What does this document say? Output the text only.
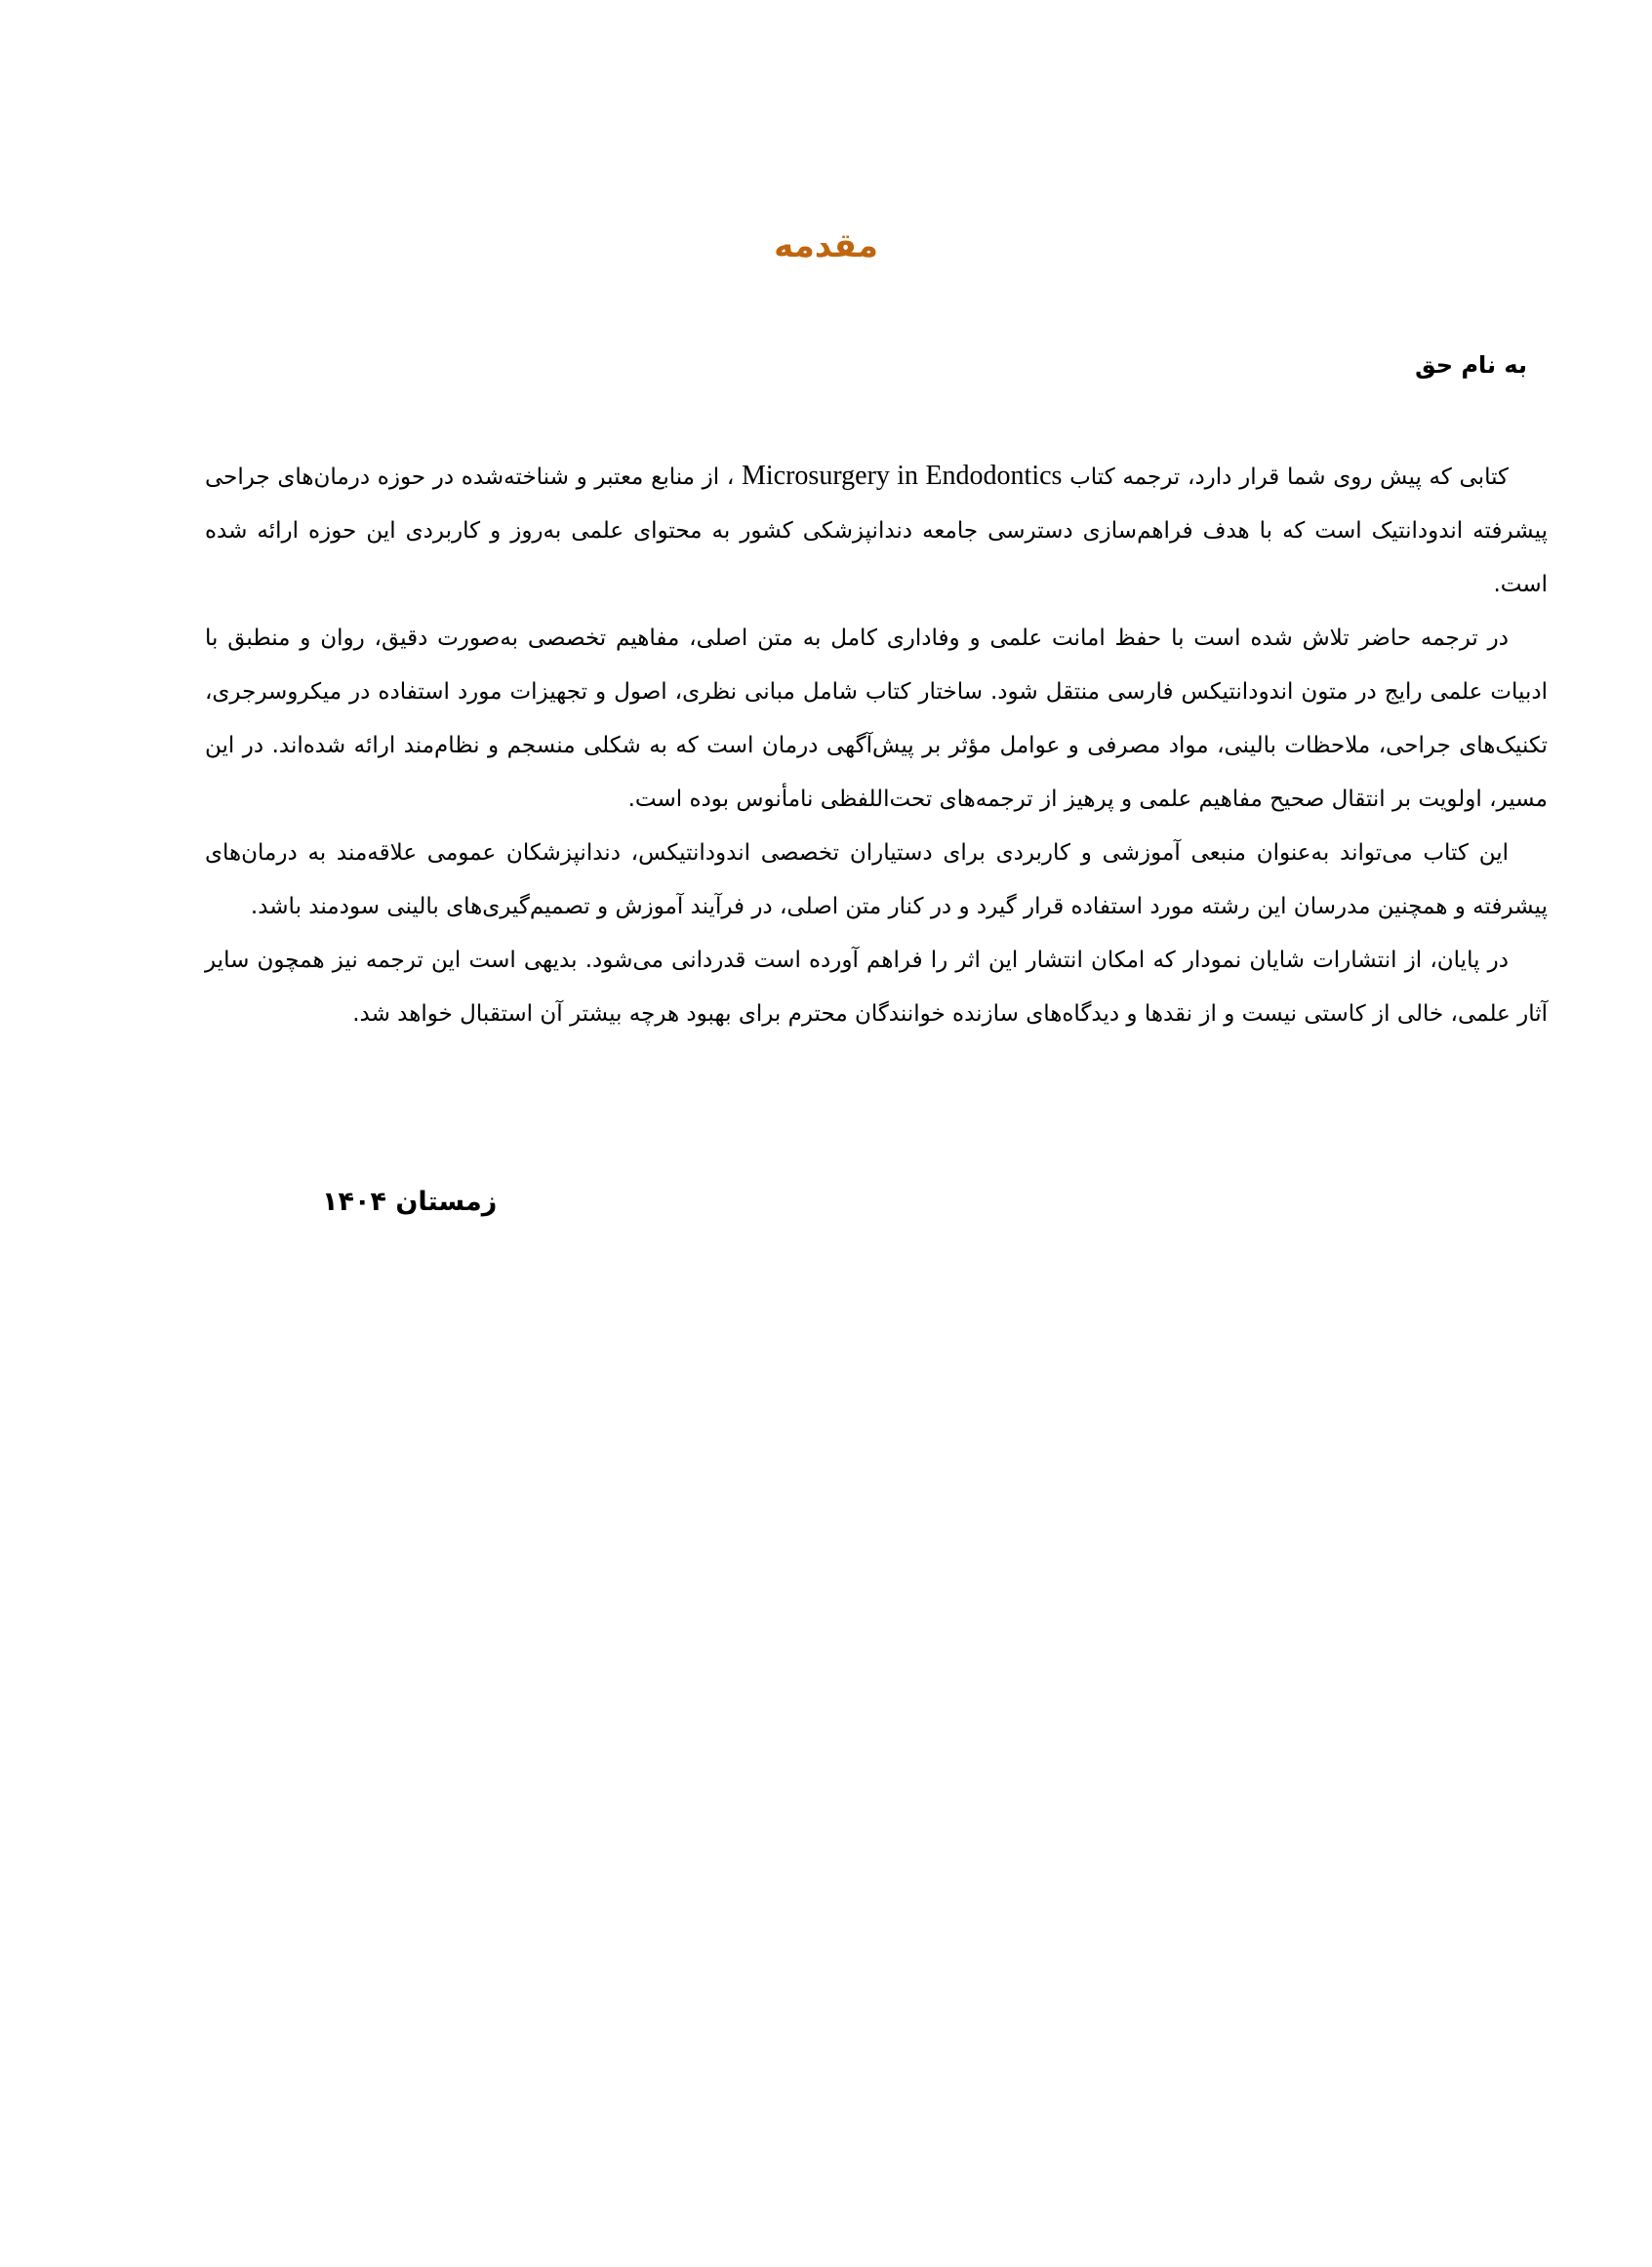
مقدمه
به نام حق

کتابی که پیش روی شما قرار دارد، ترجمه کتاب Microsurgery in Endodontics ، از منابع معتبر و شناخته‌شده در حوزه درمان‌های جراحی پیشرفته اندودانتیک است که با هدف فراهم‌سازی دسترسی جامعه دندانپزشکی کشور به محتوای علمی به‌روز و کاربردی این حوزه ارائه شده است.

در ترجمه حاضر تلاش شده است با حفظ امانت علمی و وفاداری کامل به متن اصلی، مفاهیم تخصصی به‌صورت دقیق، روان و منطبق با ادبیات علمی رایج در متون اندودانتیکس فارسی منتقل شود. ساختار کتاب شامل مبانی نظری، اصول و تجهیزات مورد استفاده در میکروسرجری، تکنیک‌های جراحی، ملاحظات بالینی، مواد مصرفی و عوامل مؤثر بر پیش‌آگهی درمان است که به شکلی منسجم و نظام‌مند ارائه شده‌اند. در این مسیر، اولویت بر انتقال صحیح مفاهیم علمی و پرهیز از ترجمه‌های تحت‌اللفظی نامأنوس بوده است.

این کتاب می‌تواند به‌عنوان منبعی آموزشی و کاربردی برای دستیاران تخصصی اندودانتیکس، دندانپزشکان عمومی علاقه‌مند به درمان‌های پیشرفته و همچنین مدرسان این رشته مورد استفاده قرار گیرد و در کنار متن اصلی، در فرآیند آموزش و تصمیم‌گیری‌های بالینی سودمند باشد.

در پایان، از انتشارات شایان نمودار که امکان انتشار این اثر را فراهم آورده است قدردانی می‌شود. بدیهی است این ترجمه نیز همچون سایر آثار علمی، خالی از کاستی نیست و از نقدها و دیدگاه‌های سازنده خوانندگان محترم برای بهبود هرچه بیشتر آن استقبال خواهد شد.

زمستان ۱۴۰۴
